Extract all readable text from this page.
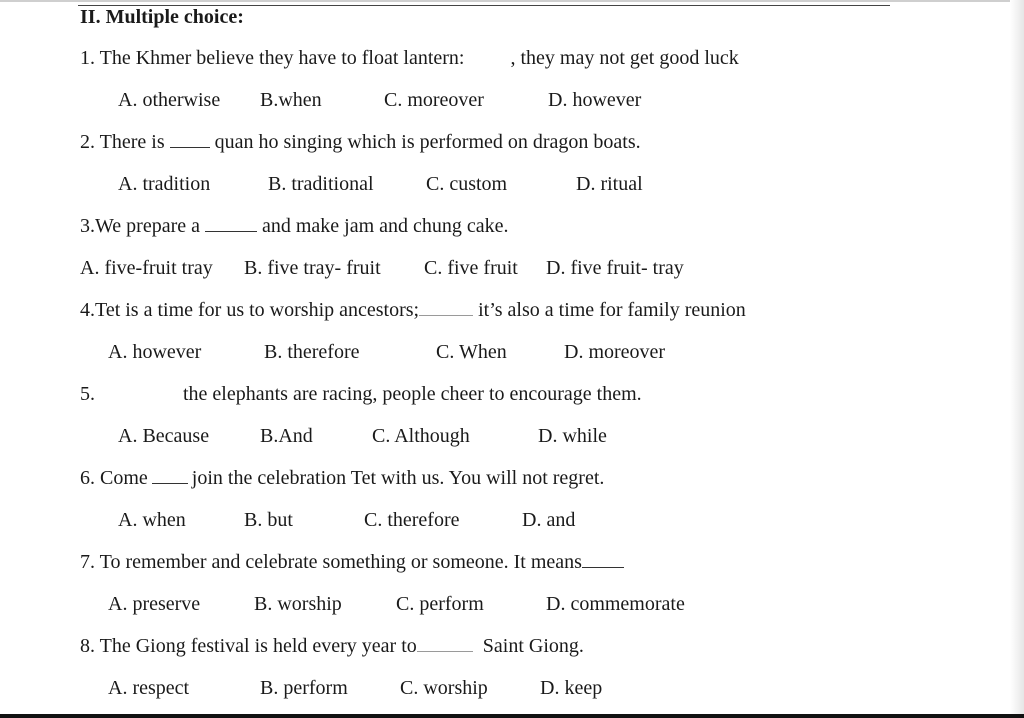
II. Multiple choice:
1. The Khmer believe they have to float lantern: , they may not get good luck
A. otherwise B.when	C. moreover	D. however
2. There is	quan ho singing which is performed on dragon boats.
A. tradition	B. traditional	C. custom	D. ritual
3.We prepare a	and make jam and chung cake.
A. five-fruit tray B. five tray- fruit C. five fruit D. five fruit- tray
4.Tet is a time for us to worship ancestors;	it’s also a time for family reunion
A. however	B. therefore	C. When	D. moreover
5.	the elephants are racing, people cheer to encourage them.
A. Because	B.And	C. Although	D. while
6. Come join the celebration Tet with us. You will not regret.
A. when	B. but	C. therefore	D. and
7. To remember and celebrate something or someone. It means
A. preserve	B. worship	C. perform	D. commemorate
8. The Giong festival is held every year to	Saint Giong.
A. respect	B. perform	C. worship	D. keep
